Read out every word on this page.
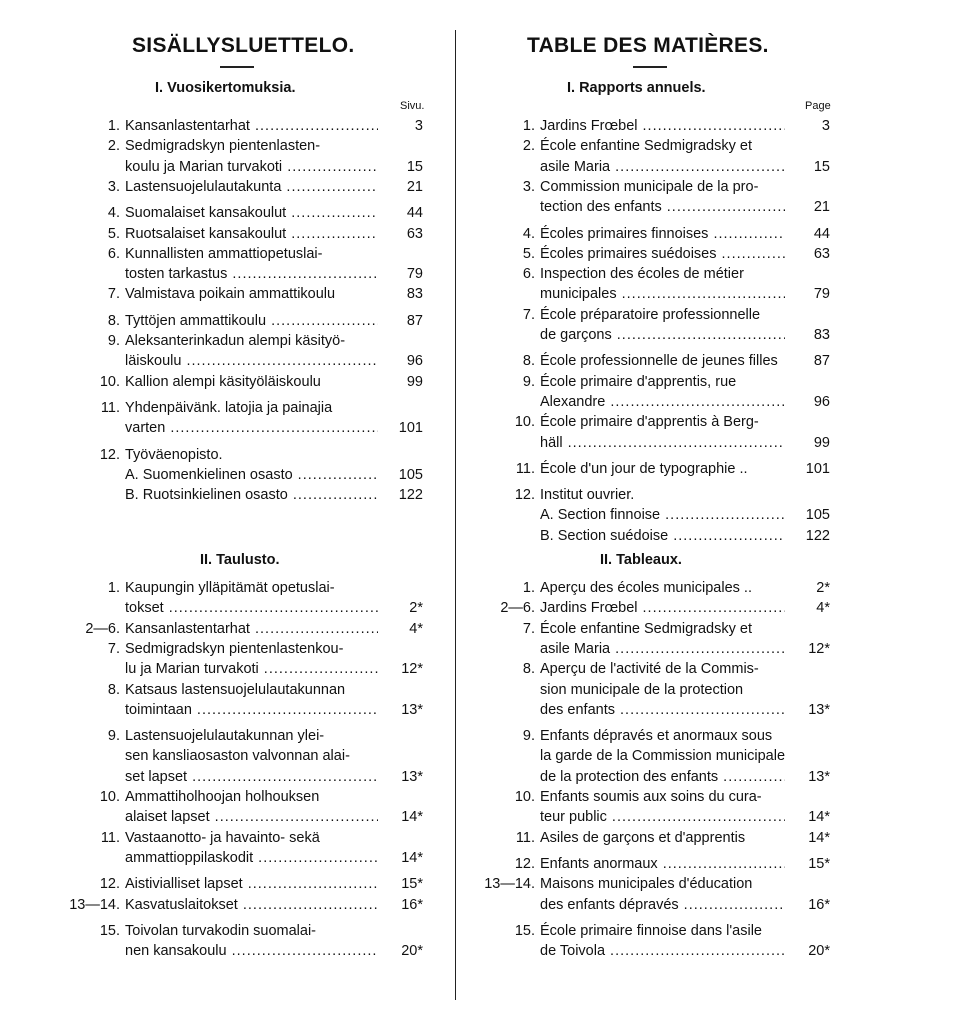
SISÄLLYSLUETTELO.
I. Vuosikertomuksia.
Sivu.
1. Kansanlastentarhat .....	3
2. Sedmigradskyn pientenlasten-
koulu ja Marian turvakoti .....	15
3. Lastensuojelulautakunta .....	21
4. Suomalaiset kansakoulut .....	44
5. Ruotsalaiset kansakoulut .....	63
6. Kunnallisten ammattiopetuslai-
tosten tarkastus .....	79
7. Valmistava poikain ammattikoulu	83
8. Tyttöjen ammattikoulu .....	87
9. Aleksanterinkadun alempi käsityö-
läiskoulu .....	96
10. Kallion alempi käsityöläiskoulu	99
11. Yhdenpäivänk. latojia ja painajia
varten .....	101
12. Työväenopisto.
A. Suomenkielinen osasto .....	105
B. Ruotsinkielinen osasto .....	122
II. Taulusto.
1. Kaupungin ylläpitämät opetuslai-
tokset .....	2*
2—6. Kansanlastentarhat .....	4*
7. Sedmigradskyn pientenlastenkou-
lu ja Marian turvakoti .....	12*
8. Katsaus lastensuojelulautakunnan
toimintaan .....	13*
9. Lastensuojelulautakunnan ylei-
sen kansliaosaston valvonnan alai-
set lapset .....	13*
10. Ammattiholhoojan holhouksen
alaiset lapset .....	14*
11. Vastaanotto- ja havainto- sekä
ammattioppilaskodit .....	14*
12. Aistivialliset lapset .....	15*
13—14. Kasvatuslaitokset .....	16*
15. Toivolan turvakodin suomalai-
nen kansakoulu .....	20*
TABLE DES MATIÈRES.
I. Rapports annuels.
Page
1. Jardins Frœbel .....	3
2. École enfantine Sedmigradsky et
asile Maria .....	15
3. Commission municipale de la pro-
tection des enfants .....	21
4. Écoles primaires finnoises .....	44
5. Écoles primaires suédoises .....	63
6. Inspection des écoles de métier
municipales .....	79
7. École préparatoire professionnelle
de garçons .....	83
8. École professionnelle de jeunes filles	87
9. École primaire d'apprentis, rue
Alexandre .....	96
10. École primaire d'apprentis à Berg-
häll .....	99
11. École d'un jour de typographie ..	101
12. Institut ouvrier.
A. Section finnoise .....	105
B. Section suédoise .....	122
II. Tableaux.
1. Aperçu des écoles municipales ..	2*
2—6. Jardins Frœbel .....	4*
7. École enfantine Sedmigradsky et
asile Maria .....	12*
8. Aperçu de l'activité de la Commis-
sion municipale de la protection
des enfants .....	13*
9. Enfants dépravés et anormaux sous
la garde de la Commission municipale
de la protection des enfants .....	13*
10. Enfants soumis aux soins du cura-
teur public .....	14*
11. Asiles de garçons et d'apprentis	14*
12. Enfants anormaux .....	15*
13—14. Maisons municipales d'éducation
des enfants dépravés .....	16*
15. École primaire finnoise dans l'asile
de Toivola .....	20*
